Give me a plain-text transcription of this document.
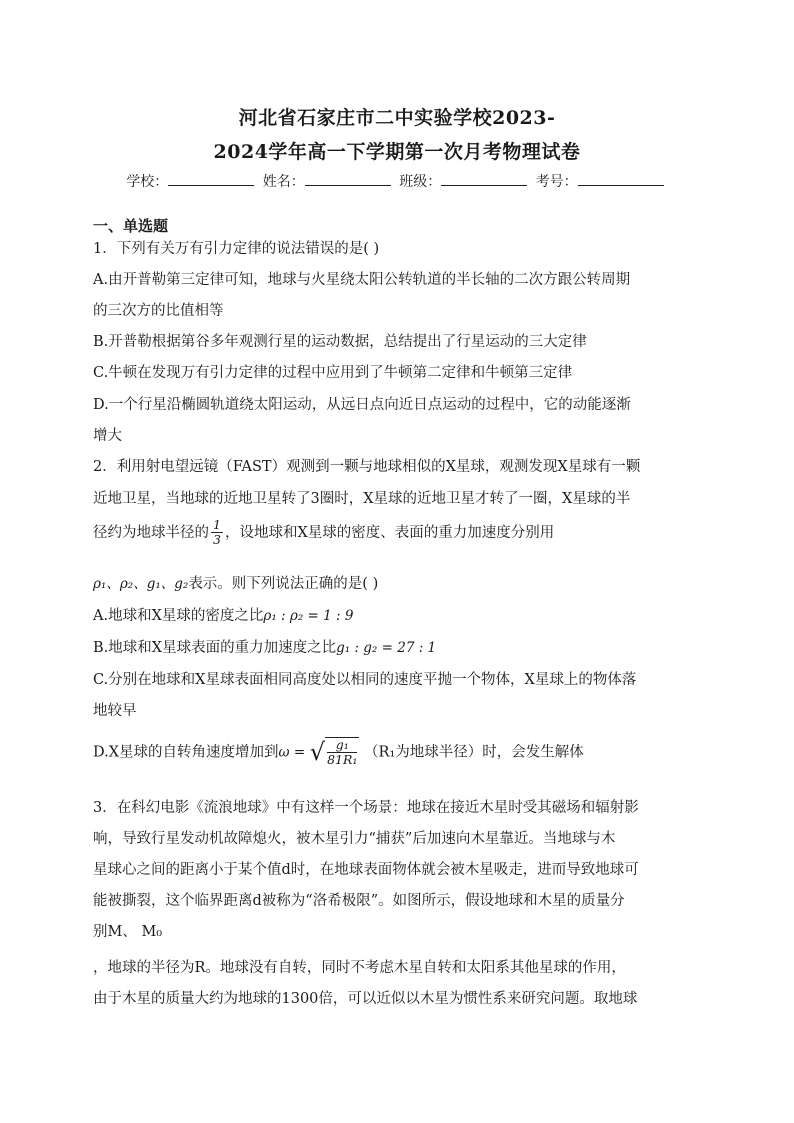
河北省石家庄市二中实验学校2023-
2024学年高一下学期第一次月考物理试卷
学校：	姓名：	班级：	考号：
一、单选题
1．下列有关万有引力定律的说法错误的是( )
A.由开普勒第三定律可知，地球与火星绕太阳公转轨道的半长轴的二次方跟公转周期
的三次方的比值相等
B.开普勒根据第谷多年观测行星的运动数据，总结提出了行星运动的三大定律
C.牛顿在发现万有引力定律的过程中应用到了牛顿第二定律和牛顿第三定律
D.一个行星沿椭圆轨道绕太阳运动，从远日点向近日点运动的过程中，它的动能逐渐
增大
2．利用射电望远镜（FAST）观测到一颗与地球相似的X星球，观测发现X星球有一颗
近地卫星，当地球的近地卫星转了3圈时，X星球的近地卫星才转了一圈，X星球的半
径约为地球半径的 $\frac{1}{3}$ ，设地球和X星球的密度、表面的重力加速度分别用
ρ₁、ρ₂、g₁、g₂表示。则下列说法正确的是( )
A.地球和X星球的密度之比ρ₁ : ρ₂ = 1 : 9
B.地球和X星球表面的重力加速度之比g₁ : g₂ = 27 : 1
C.分别在地球和X星球表面相同高度处以相同的速度平抛一个物体，X星球上的物体落
地较早
D.X星球的自转角速度增加到ω = √ $\frac{\text{g₁}}{\text{81R₁}} (R_1$为地球半径）时，会发生解体
3．在科幻电影《流浪地球》中有这样一个场景：地球在接近木星时受其磁场和辐射影
响，导致行星发动机故障熄火，被木星引力“捕获”后加速向木星靠近。当地球与木
星球心之间的距离小于某个值d时，在地球表面物体就会被木星吸走，进而导致地球可
能被撕裂，这个临界距离d被称为“洛希极限”。如图所示，假设地球和木星的质量分
别M、 M₀
，地球的半径为R。地球没有自转，同时不考虑木星自转和太阳系其他星球的作用，
由于木星的质量大约为地球的1300倍，可以近似以木星为惯性系来研究问题。取地球
